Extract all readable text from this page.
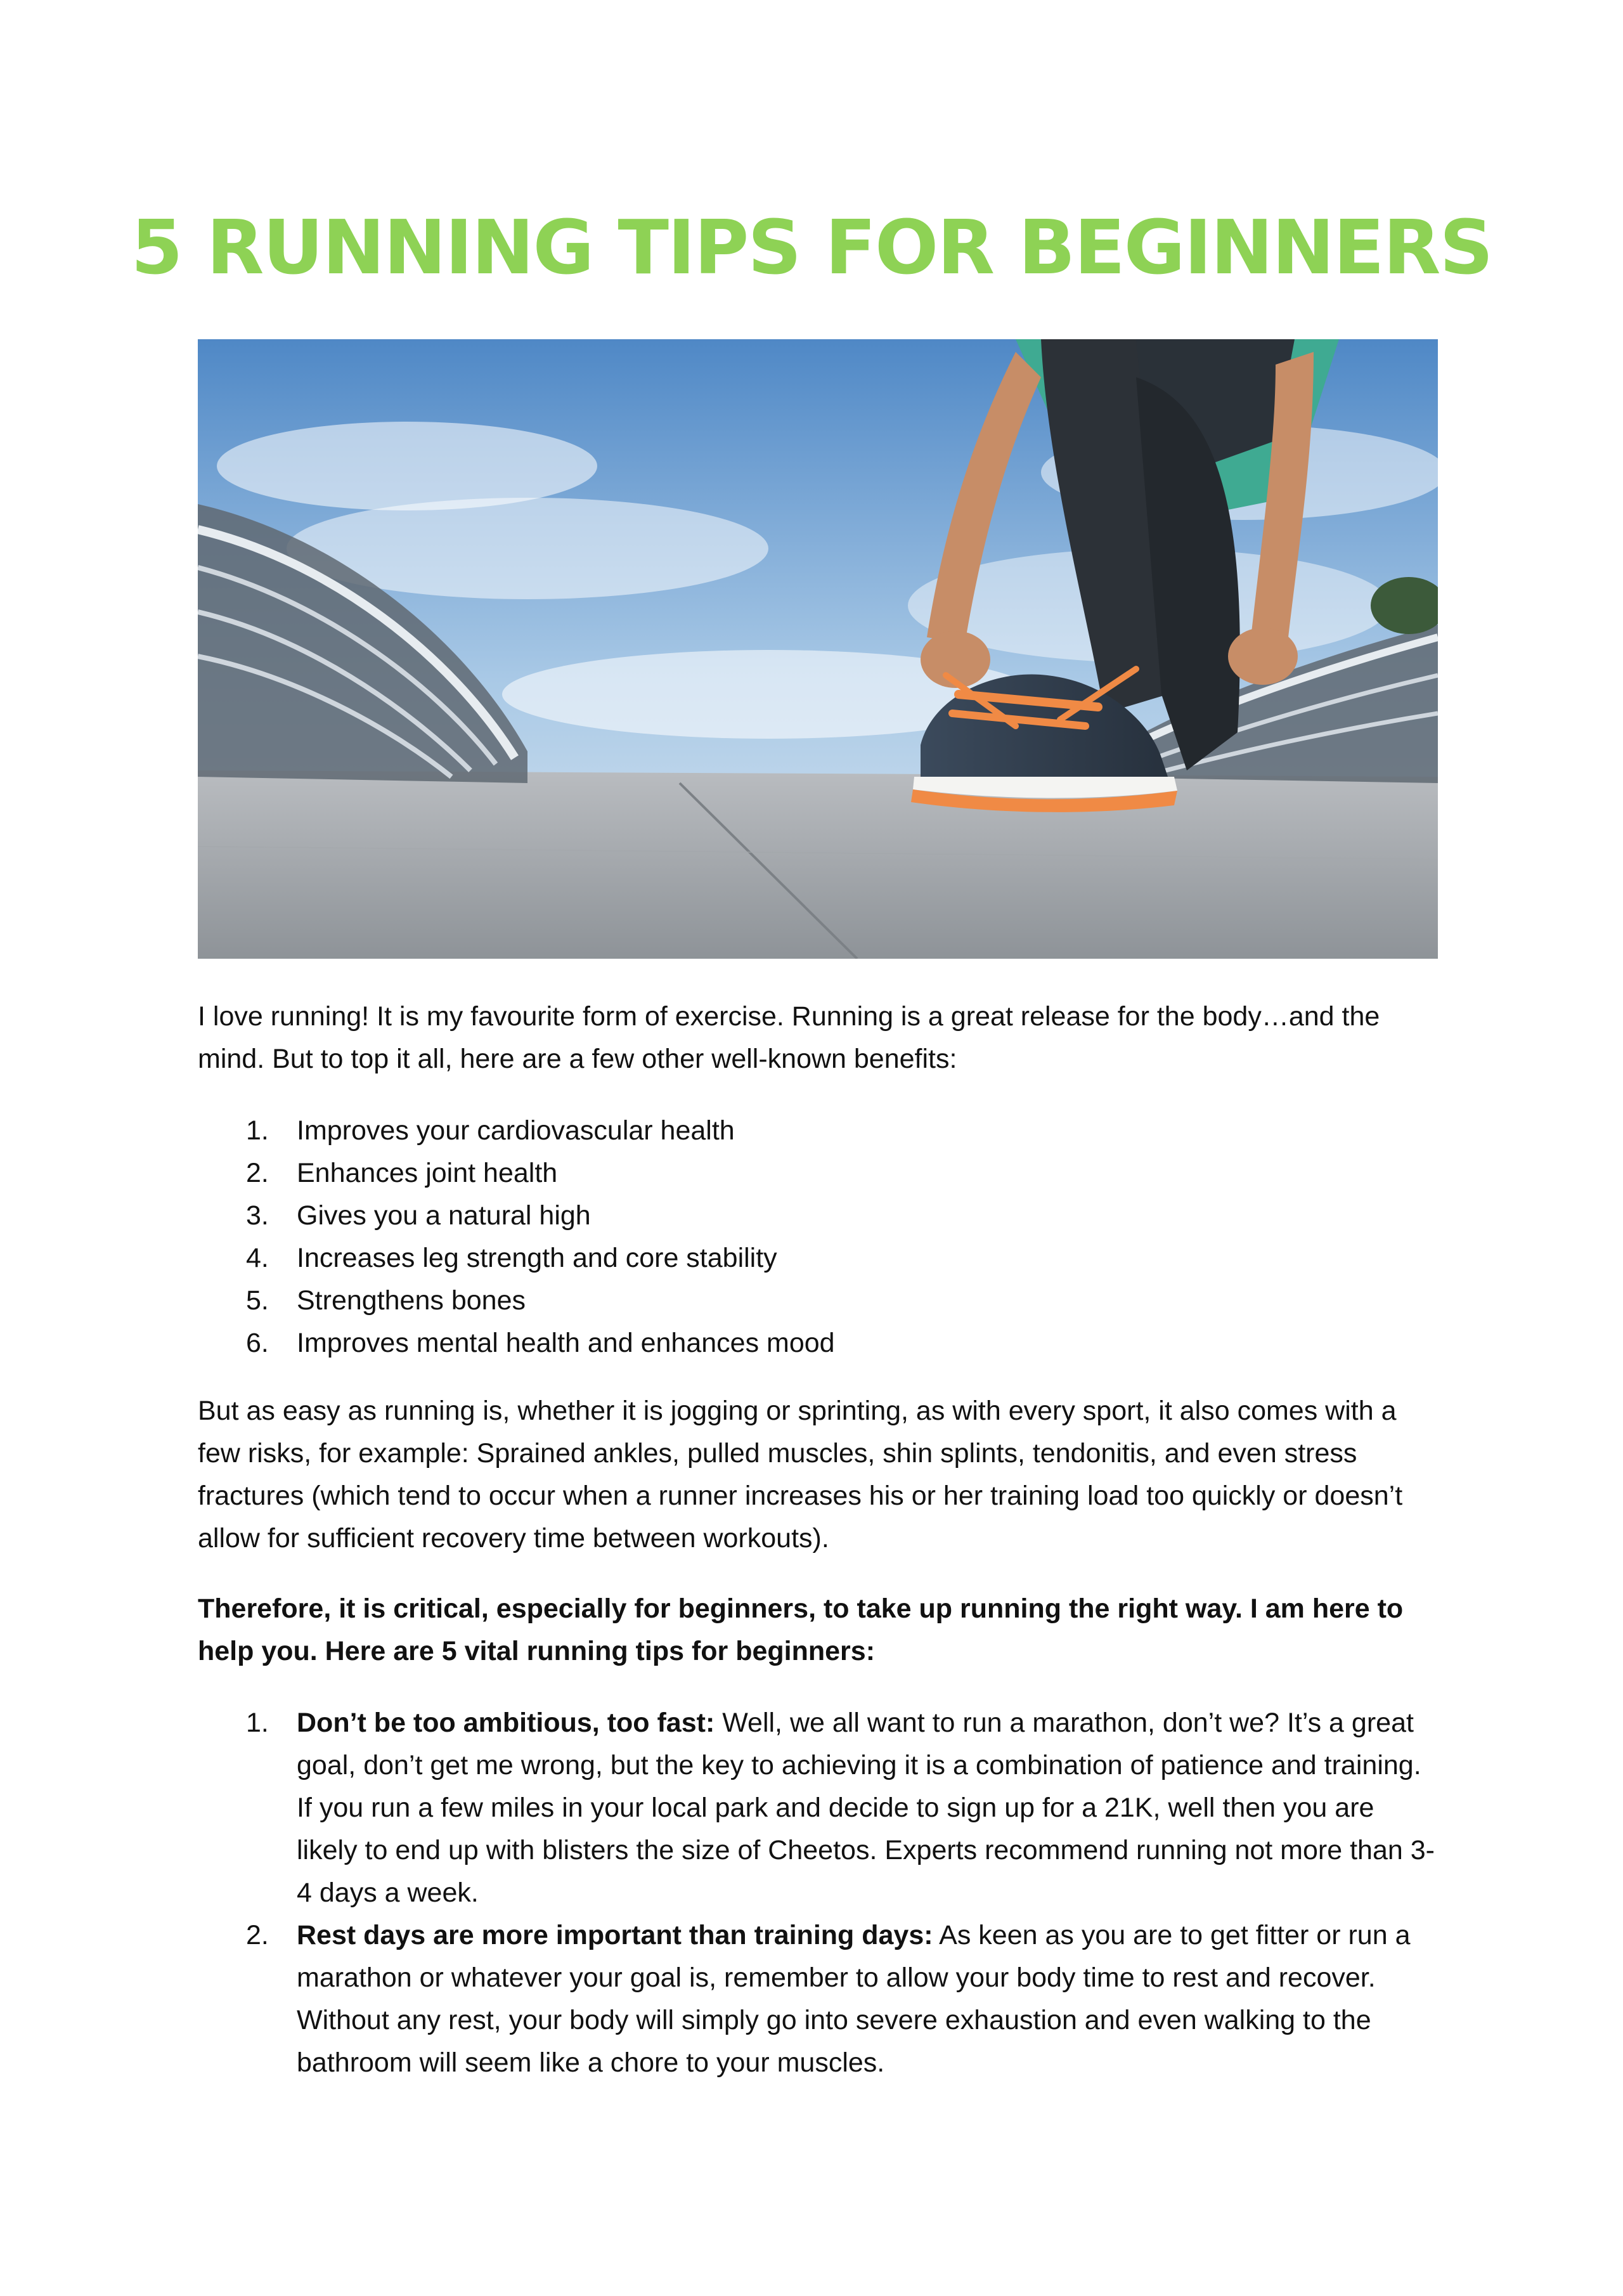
5 RUNNING TIPS FOR BEGINNERS

I love running! It is my favourite form of exercise. Running is a great release for the body…and the mind. But to top it all, here are a few other well-known benefits:

1. Improves your cardiovascular health
2. Enhances joint health
3. Gives you a natural high
4. Increases leg strength and core stability
5. Strengthens bones
6. Improves mental health and enhances mood

But as easy as running is, whether it is jogging or sprinting, as with every sport, it also comes with a few risks, for example: Sprained ankles, pulled muscles, shin splints, tendonitis, and even stress fractures (which tend to occur when a runner increases his or her training load too quickly or doesn’t allow for sufficient recovery time between workouts).

Therefore, it is critical, especially for beginners, to take up running the right way. I am here to help you. Here are 5 vital running tips for beginners:

1. Don’t be too ambitious, too fast: Well, we all want to run a marathon, don’t we? It’s a great goal, don’t get me wrong, but the key to achieving it is a combination of patience and training. If you run a few miles in your local park and decide to sign up for a 21K, well then you are likely to end up with blisters the size of Cheetos. Experts recommend running not more than 3-4 days a week.
2. Rest days are more important than training days: As keen as you are to get fitter or run a marathon or whatever your goal is, remember to allow your body time to rest and recover. Without any rest, your body will simply go into severe exhaustion and even walking to the bathroom will seem like a chore to your muscles.
